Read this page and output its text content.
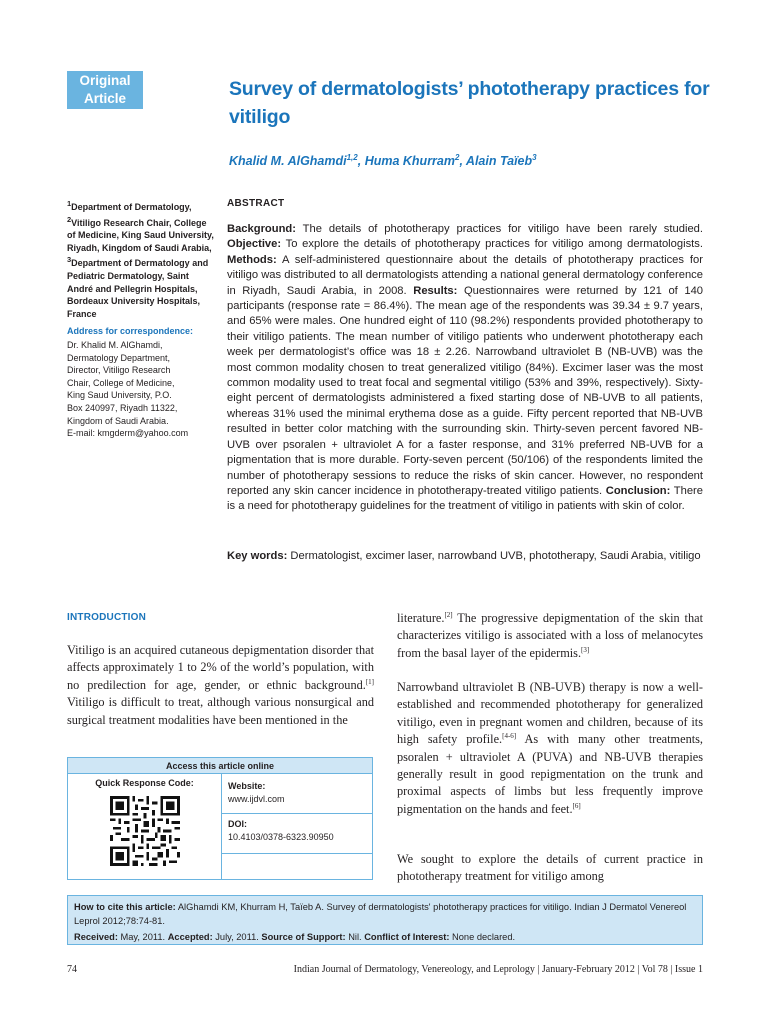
Original
Article	Survey of dermatologists’ phototherapy practices for vitiligo
Khalid M. AlGhamdi$^{1,2}$, Huma Khurram$^2$, Alain Taïeb$^3$
$^1$Department of Dermatology,
$^2$Vitiligo Research Chair, College of Medicine, King Saud University, Riyadh, Kingdom of Saudi Arabia, $^3$Department of Dermatology and Pediatric Dermatology, Saint André and Pellegrin Hospitals, Bordeaux University Hospitals, France
Address for correspondence:
Dr. Khalid M. AlGhamdi,
Dermatology Department,
Director, Vitiligo Research
Chair, College of Medicine,
King Saud University, P.O.
Box 240997, Riyadh 11322,
Kingdom of Saudi Arabia.
E-mail: kmgderm@yahoo.com
ABSTRACT
Background: The details of phototherapy practices for vitiligo have been rarely studied. Objective: To explore the details of phototherapy practices for vitiligo among dermatologists. Methods: A self-administered questionnaire about the details of phototherapy practices for vitiligo was distributed to all dermatologists attending a national general dermatology conference in Riyadh, Saudi Arabia, in 2008. Results: Questionnaires were returned by 121 of 140 participants (response rate = 86.4%). The mean age of the respondents was 39.34 ± 9.7 years, and 65% were males. One hundred eight of 110 (98.2%) respondents provided phototherapy to their vitiligo patients. The mean number of vitiligo patients who underwent phototherapy each week per dermatologist’s office was 18 ± 2.26. Narrowband ultraviolet B (NB-UVB) was the most common modality chosen to treat generalized vitiligo (84%). Excimer laser was the most common modality used to treat focal and segmental vitiligo (53% and 39%, respectively). Sixty-eight percent of dermatologists administered a fixed starting dose of NB-UVB to all patients, whereas 31% used the minimal erythema dose as a guide. Fifty percent reported that NB-UVB resulted in better color matching with the surrounding skin. Thirty-seven percent favored NB-UVB over psoralen + ultraviolet A for a faster response, and 31% preferred NB-UVB for a pigmentation that is more durable. Forty-seven percent (50/106) of the respondents limited the number of phototherapy sessions to reduce the risks of skin cancer. However, no respondent reported any skin cancer incidence in phototherapy-treated vitiligo patients. Conclusion: There is a need for phototherapy guidelines for the treatment of vitiligo in patients with skin of color.
Key words: Dermatologist, excimer laser, narrowband UVB, phototherapy, Saudi Arabia, vitiligo
INTRODUCTION
Vitiligo is an acquired cutaneous depigmentation disorder that affects approximately 1 to 2% of the world’s population, with no predilection for age, gender, or ethnic background.[1] Vitiligo is difficult to treat, although various nonsurgical and surgical treatment modalities have been mentioned in the
literature.[2] The progressive depigmentation of the skin that characterizes vitiligo is associated with a loss of melanocytes from the basal layer of the epidermis.[3]
Narrowband ultraviolet B (NB-UVB) therapy is now a well-established and recommended phototherapy for generalized vitiligo, even in pregnant women and children, because of its high safety profile.[4-6] As with many other treatments, psoralen + ultraviolet A (PUVA) and NB-UVB therapies generally result in good repigmentation on the trunk and proximal aspects of limbs but less frequently improve pigmentation on the hands and feet.[6]
We sought to explore the details of current practice in phototherapy treatment for vitiligo among
Access this article online
Quick Response Code:	Website:
www.ijdvl.com
DOI:
10.4103/0378-6323.90950
How to cite this article: AlGhamdi KM, Khurram H, Taïeb A. Survey of dermatologists' phototherapy practices for vitiligo. Indian J Dermatol Venereol Leprol 2012;78:74-81.
Received: May, 2011. Accepted: July, 2011. Source of Support: Nil. Conflict of Interest: None declared.
74	Indian Journal of Dermatology, Venereology, and Leprology | January-February 2012 | Vol 78 | Issue 1
